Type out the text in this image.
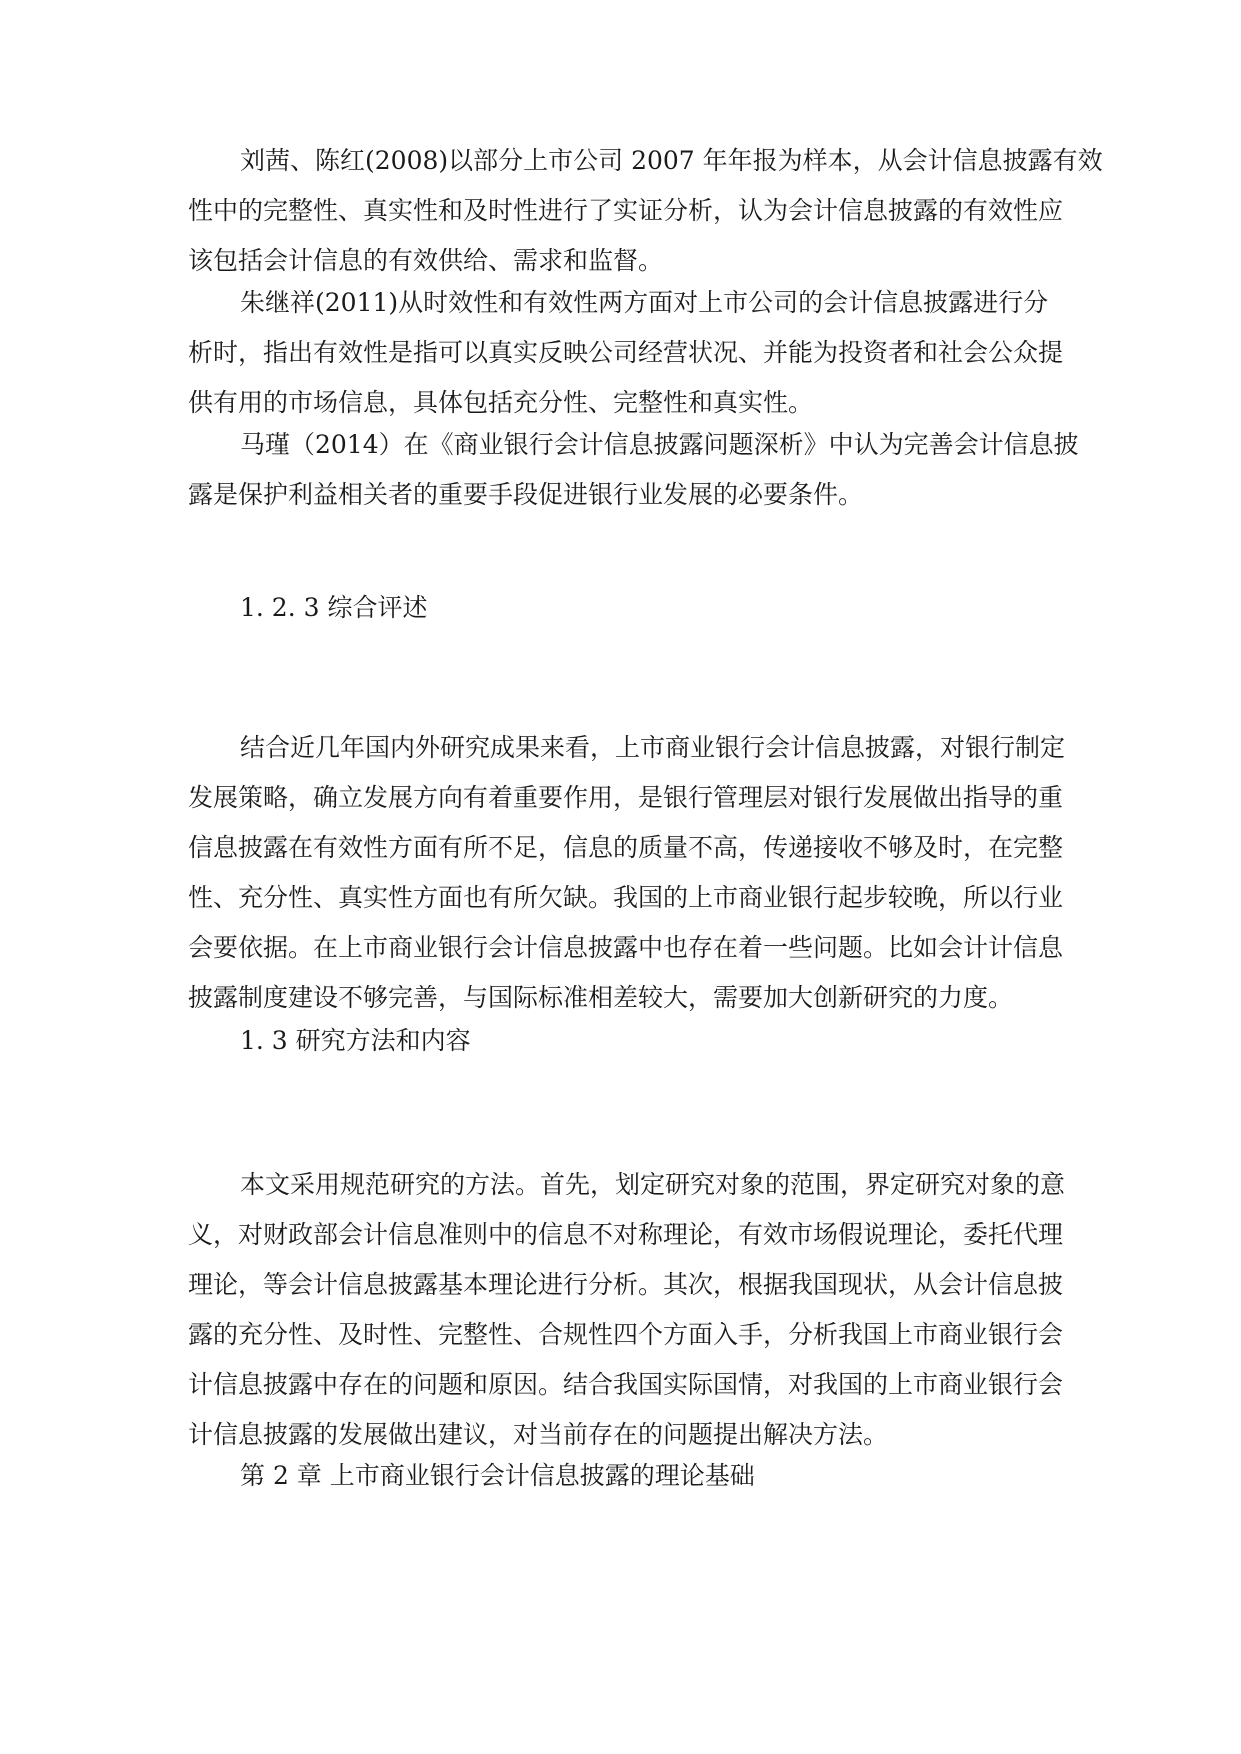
刘茜、陈红(2008)以部分上市公司 2007 年年报为样本，从会计信息披露有效
性中的完整性、真实性和及时性进行了实证分析，认为会计信息披露的有效性应
该包括会计信息的有效供给、需求和监督。

朱继祥(2011)从时效性和有效性两方面对上市公司的会计信息披露进行分
析时，指出有效性是指可以真实反映公司经营状况、并能为投资者和社会公众提
供有用的市场信息，具体包括充分性、完整性和真实性。

马瑾（2014）在《商业银行会计信息披露问题深析》中认为完善会计信息披
露是保护利益相关者的重要手段促进银行业发展的必要条件。

1. 2. 3 综合评述

结合近几年国内外研究成果来看，上市商业银行会计信息披露，对银行制定
发展策略，确立发展方向有着重要作用，是银行管理层对银行发展做出指导的重
信息披露在有效性方面有所不足，信息的质量不高，传递接收不够及时，在完整
性、充分性、真实性方面也有所欠缺。我国的上市商业银行起步较晚，所以行业
会要依据。在上市商业银行会计信息披露中也存在着一些问题。比如会计计信息
披露制度建设不够完善，与国际标准相差较大，需要加大创新研究的力度。

1. 3 研究方法和内容

本文采用规范研究的方法。首先，划定研究对象的范围，界定研究对象的意
义，对财政部会计信息准则中的信息不对称理论，有效市场假说理论，委托代理
理论，等会计信息披露基本理论进行分析。其次，根据我国现状，从会计信息披
露的充分性、及时性、完整性、合规性四个方面入手，分析我国上市商业银行会
计信息披露中存在的问题和原因。结合我国实际国情，对我国的上市商业银行会
计信息披露的发展做出建议，对当前存在的问题提出解决方法。

第 2 章 上市商业银行会计信息披露的理论基础
